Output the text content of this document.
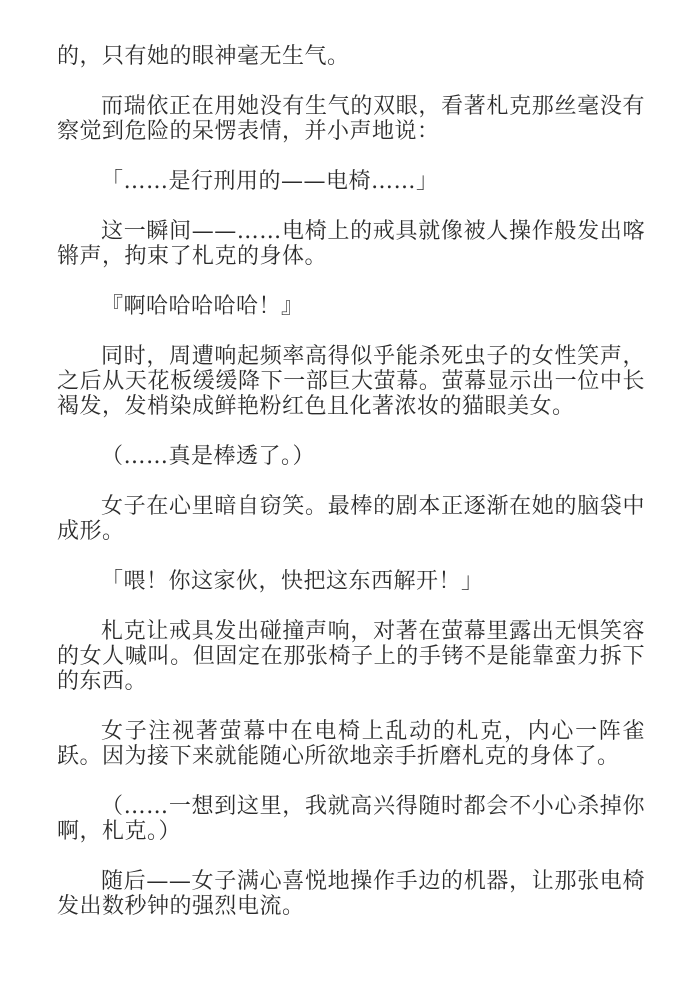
的，只有她的眼神毫无生气。

而瑞依正在用她没有生气的双眼，看著札克那丝毫没有察觉到危险的呆愣表情，并小声地说：

「……是行刑用的——电椅……」

这一瞬间——……电椅上的戒具就像被人操作般发出喀锵声，拘束了札克的身体。

『啊哈哈哈哈哈！』

同时，周遭响起频率高得似乎能杀死虫子的女性笑声，之后从天花板缓缓降下一部巨大萤幕。萤幕显示出一位中长褐发，发梢染成鲜艳粉红色且化著浓妆的猫眼美女。

（……真是棒透了。）

女子在心里暗自窃笑。最棒的剧本正逐渐在她的脑袋中成形。

「喂！你这家伙，快把这东西解开！」

札克让戒具发出碰撞声响，对著在萤幕里露出无惧笑容的女人喊叫。但固定在那张椅子上的手铐不是能靠蛮力拆下的东西。

女子注视著萤幕中在电椅上乱动的札克，内心一阵雀跃。因为接下来就能随心所欲地亲手折磨札克的身体了。

（……一想到这里，我就高兴得随时都会不小心杀掉你啊，札克。）

随后——女子满心喜悦地操作手边的机器，让那张电椅发出数秒钟的强烈电流。
